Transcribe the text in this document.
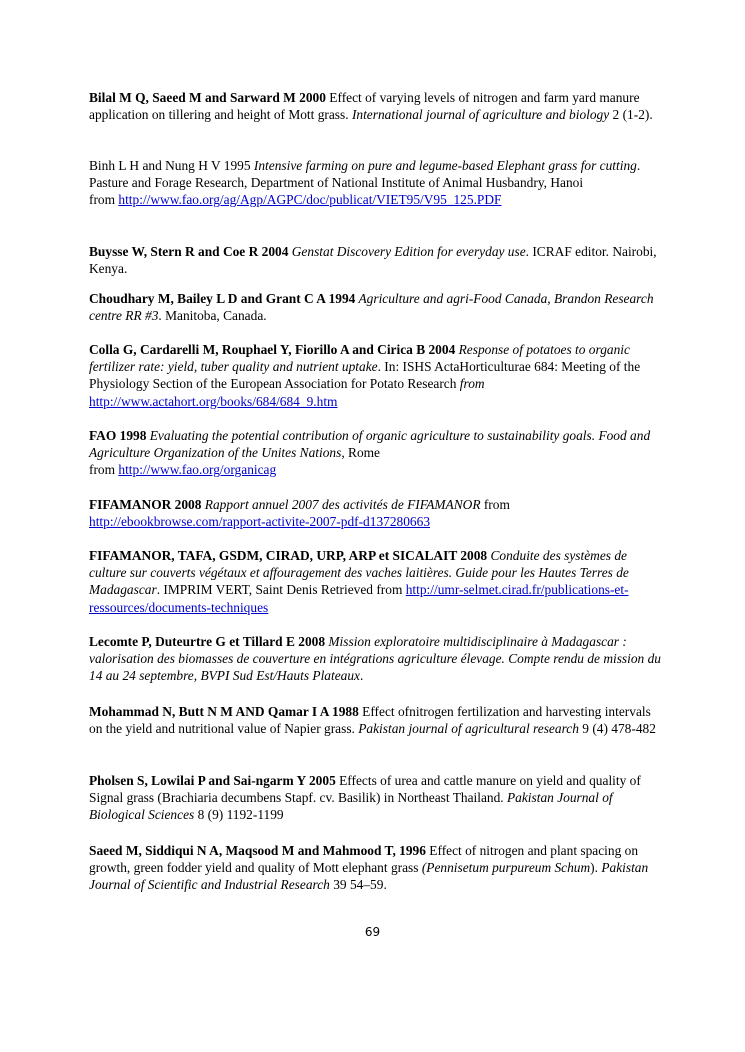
Bilal M Q, Saeed M and Sarward M 2000 Effect of varying levels of nitrogen and farm yard manure application on tillering and height of Mott grass. International journal of agriculture and biology 2 (1-2).
Binh L H and Nung H V 1995 Intensive farming on pure and legume-based Elephant grass for cutting. Pasture and Forage Research, Department of National Institute of Animal Husbandry, Hanoi
from http://www.fao.org/ag/Agp/AGPC/doc/publicat/VIET95/V95_125.PDF
Buysse W, Stern R and Coe R 2004 Genstat Discovery Edition for everyday use. ICRAF editor. Nairobi, Kenya.
Choudhary M, Bailey L D and Grant C A 1994 Agriculture and agri-Food Canada, Brandon Research centre RR #3. Manitoba, Canada.
Colla G, Cardarelli M, Rouphael Y, Fiorillo A and Cirica B 2004 Response of potatoes to organic fertilizer rate: yield, tuber quality and nutrient uptake. In: ISHS ActaHorticulturae 684: Meeting of the Physiology Section of the European Association for Potato Research from http://www.actahort.org/books/684/684_9.htm
FAO 1998 Evaluating the potential contribution of organic agriculture to sustainability goals. Food and Agriculture Organization of the Unites Nations, Rome
from http://www.fao.org/organicag
FIFAMANOR 2008 Rapport annuel 2007 des activités de FIFAMANOR from
http://ebookbrowse.com/rapport-activite-2007-pdf-d137280663
FIFAMANOR, TAFA, GSDM, CIRAD, URP, ARP et SICALAIT 2008 Conduite des systèmes de culture sur couverts végétaux et affouragement des vaches laitières. Guide pour les Hautes Terres de Madagascar. IMPRIM VERT, Saint Denis Retrieved from http://umr-selmet.cirad.fr/publications-et-ressources/documents-techniques
Lecomte P, Duteurtre G et Tillard E 2008 Mission exploratoire multidisciplinaire à Madagascar : valorisation des biomasses de couverture en intégrations agriculture élevage. Compte rendu de mission du 14 au 24 septembre, BVPI Sud Est/Hauts Plateaux.
Mohammad N, Butt N M AND Qamar I A 1988 Effect ofnitrogen fertilization and harvesting intervals on the yield and nutritional value of Napier grass. Pakistan journal of agricultural research 9 (4) 478-482
Pholsen S, Lowilai P and Sai-ngarm Y 2005 Effects of urea and cattle manure on yield and quality of Signal grass (Brachiaria decumbens Stapf. cv. Basilik) in Northeast Thailand. Pakistan Journal of Biological Sciences 8 (9) 1192-1199
Saeed M, Siddiqui N A, Maqsood M and Mahmood T, 1996 Effect of nitrogen and plant spacing on growth, green fodder yield and quality of Mott elephant grass (Pennisetum purpureum Schum). Pakistan Journal of Scientific and Industrial Research 39 54–59.
69
